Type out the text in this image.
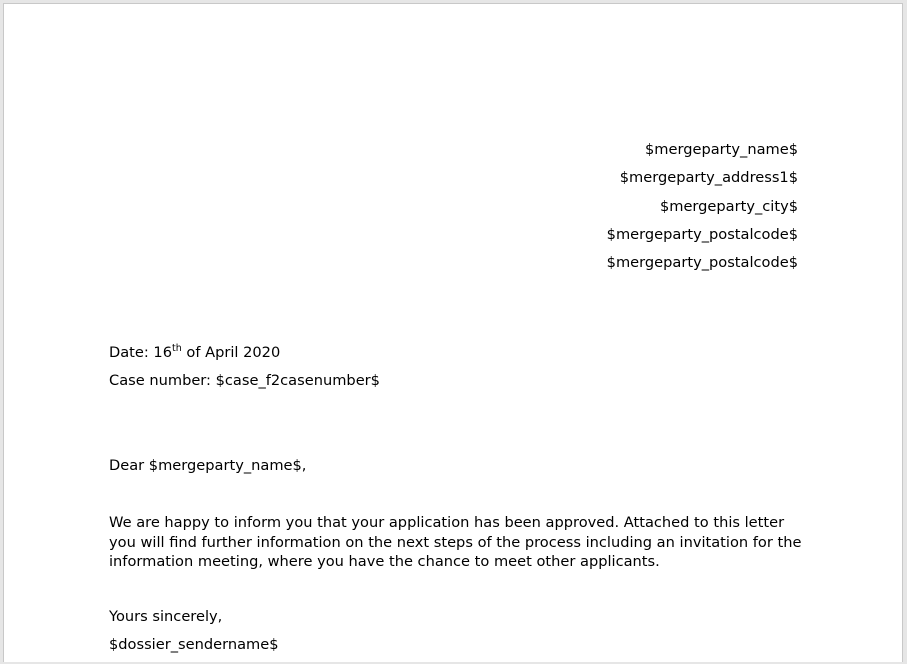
$mergeparty_name$
$mergeparty_address1$
$mergeparty_city$
$mergeparty_postalcode$
$mergeparty_postalcode$
Date: 16th of April 2020
Case number: $case_f2casenumber$
Dear $mergeparty_name$,
We are happy to inform you that your application has been approved. Attached to this letter you will find further information on the next steps of the process including an invitation for the information meeting, where you have the chance to meet other applicants.
Yours sincerely,
$dossier_sendername$
